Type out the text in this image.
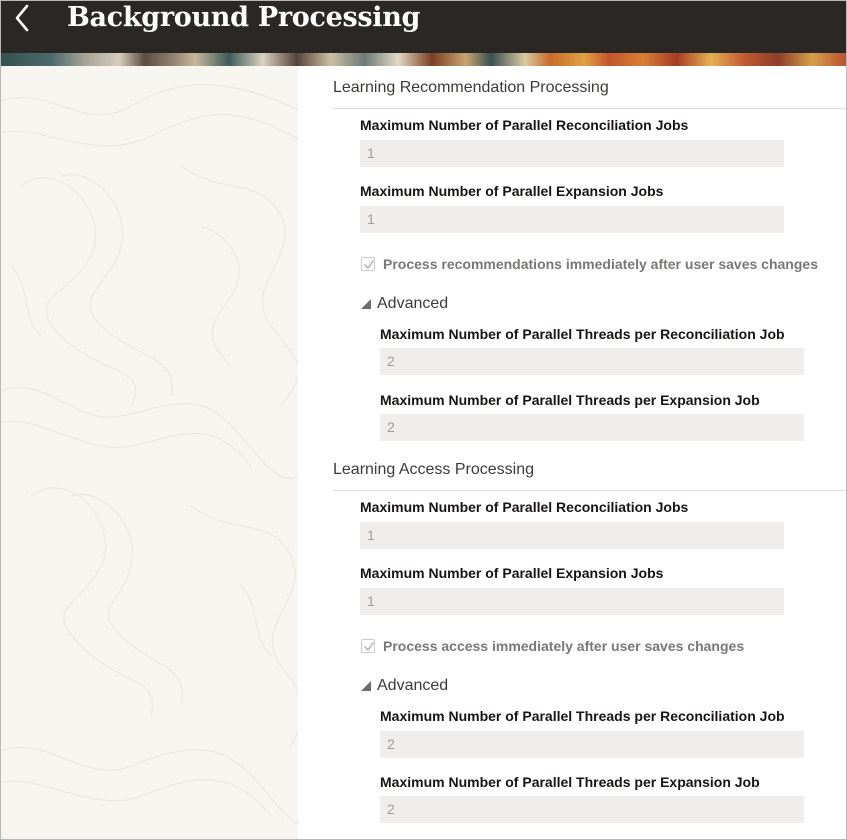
Background Processing
Learning Recommendation Processing
Maximum Number of Parallel Reconciliation Jobs
1
Maximum Number of Parallel Expansion Jobs
1
Process recommendations immediately after user saves changes
Advanced
Maximum Number of Parallel Threads per Reconciliation Job
2
Maximum Number of Parallel Threads per Expansion Job
2
Learning Access Processing
Maximum Number of Parallel Reconciliation Jobs
1
Maximum Number of Parallel Expansion Jobs
1
Process access immediately after user saves changes
Advanced
Maximum Number of Parallel Threads per Reconciliation Job
2
Maximum Number of Parallel Threads per Expansion Job
2
